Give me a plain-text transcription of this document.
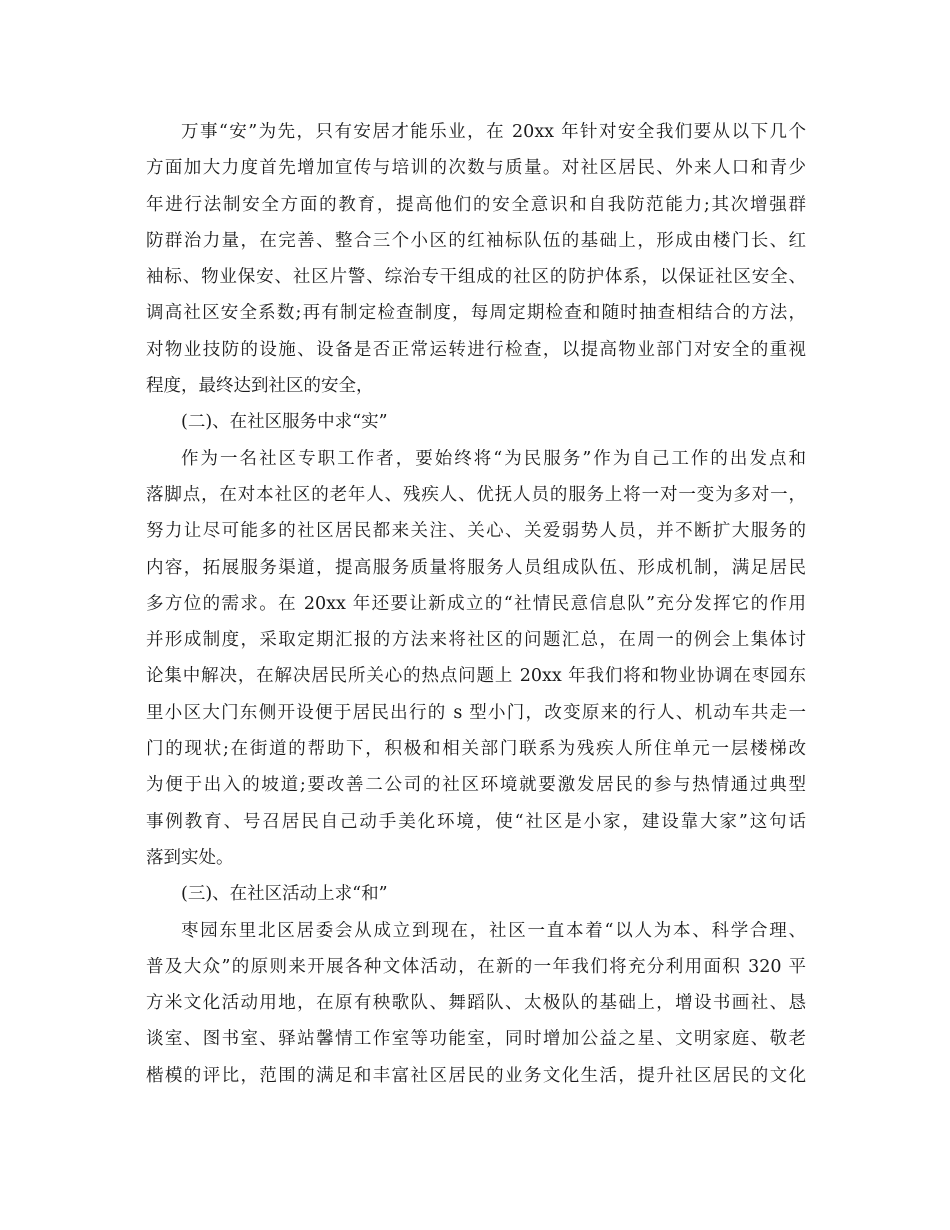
万事“安”为先，只有安居才能乐业，在 20xx 年针对安全我们要从以下几个
方面加大力度首先增加宣传与培训的次数与质量。对社区居民、外来人口和青少
年进行法制安全方面的教育，提高他们的安全意识和自我防范能力;其次增强群
防群治力量，在完善、整合三个小区的红袖标队伍的基础上，形成由楼门长、红
袖标、物业保安、社区片警、综治专干组成的社区的防护体系，以保证社区安全、
调高社区安全系数;再有制定检查制度，每周定期检查和随时抽查相结合的方法，
对物业技防的设施、设备是否正常运转进行检查，以提高物业部门对安全的重视
程度，最终达到社区的安全，
(二)、在社区服务中求“实”
作为一名社区专职工作者，要始终将“为民服务”作为自己工作的出发点和
落脚点，在对本社区的老年人、残疾人、优抚人员的服务上将一对一变为多对一，
努力让尽可能多的社区居民都来关注、关心、关爱弱势人员，并不断扩大服务的
内容，拓展服务渠道，提高服务质量将服务人员组成队伍、形成机制，满足居民
多方位的需求。在 20xx 年还要让新成立的“社情民意信息队”充分发挥它的作用
并形成制度，采取定期汇报的方法来将社区的问题汇总，在周一的例会上集体讨
论集中解决，在解决居民所关心的热点问题上 20xx 年我们将和物业协调在枣园东
里小区大门东侧开设便于居民出行的 s 型小门，改变原来的行人、机动车共走一
门的现状;在街道的帮助下，积极和相关部门联系为残疾人所住单元一层楼梯改
为便于出入的坡道;要改善二公司的社区环境就要激发居民的参与热情通过典型
事例教育、号召居民自己动手美化环境，使“社区是小家，建设靠大家”这句话
落到实处。
(三)、在社区活动上求“和”
枣园东里北区居委会从成立到现在，社区一直本着“以人为本、科学合理、
普及大众”的原则来开展各种文体活动，在新的一年我们将充分利用面积 320 平
方米文化活动用地，在原有秧歌队、舞蹈队、太极队的基础上，增设书画社、恳
谈室、图书室、驿站馨情工作室等功能室，同时增加公益之星、文明家庭、敬老
楷模的评比，范围的满足和丰富社区居民的业务文化生活，提升社区居民的文化
